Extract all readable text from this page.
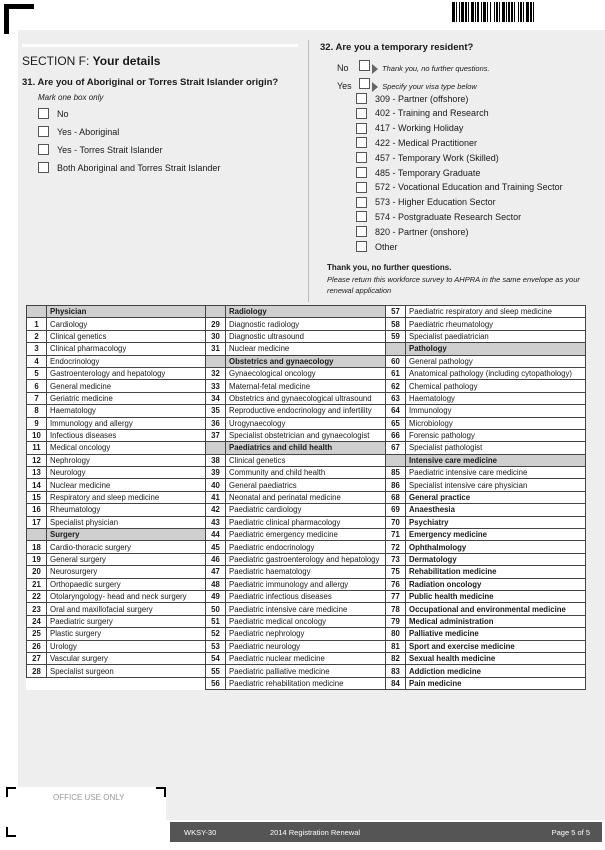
SECTION F: Your details
31. Are you of Aboriginal or Torres Strait Islander origin?
Mark one box only
No
Yes - Aboriginal
Yes - Torres Strait Islander
Both Aboriginal and Torres Strait Islander
32. Are you a temporary resident?
No	Thank you, no further questions.
Yes	Specify your visa type below
309 - Partner (offshore)
402 - Training and Research
417 - Working Holiday
422 - Medical Practitioner
457 - Temporary Work (Skilled)
485 - Temporary Graduate
572 - Vocational Education and Training Sector
573 - Higher Education Sector
574 - Postgraduate Research Sector
820 - Partner (onshore)
Other
Thank you, no further questions.
Please return this workforce survey to AHPRA in the same envelope as your renewal application
	Physician		Radiology	57	Paediatric respiratory and sleep medicine
1	Cardiology	29	Diagnostic radiology	58	Paediatric rheumatology
2	Clinical genetics	30	Diagnostic ultrasound	59	Specialist paediatrician
3	Clinical pharmacology	31	Nuclear medicine		Pathology
4	Endocrinology		Obstetrics and gynaecology	60	General pathology
5	Gastroenterology and hepatology	32	Gynaecological oncology	61	Anatomical pathology (including cytopathology)
6	General medicine	33	Maternal-fetal medicine	62	Chemical pathology
7	Geriatric medicine	34	Obstetrics and gynaecological ultrasound	63	Haematology
8	Haematology	35	Reproductive endocrinology and infertility	64	Immunology
9	Immunology and allergy	36	Urogynaecology	65	Microbiology
10	Infectious diseases	37	Specialist obstetrician and gynaecologist	66	Forensic pathology
11	Medical oncology		Paediatrics and child health	67	Specialist pathologist
12	Nephrology	38	Clinical genetics		Intensive care medicine
13	Neurology	39	Community and child health	85	Paediatric intensive care medicine
14	Nuclear medicine	40	General paediatrics	86	Specialist intensive care physician
15	Respiratory and sleep medicine	41	Neonatal and perinatal medicine	68	General practice
16	Rheumatology	42	Paediatric cardiology	69	Anaesthesia
17	Specialist physician	43	Paediatric clinical pharmacology	70	Psychiatry
	Surgery	44	Paediatric emergency medicine	71	Emergency medicine
18	Cardio-thoracic surgery	45	Paediatric endocrinology	72	Ophthalmology
19	General surgery	46	Paediatric gastroenterology and hepatology	73	Dermatology
20	Neurosurgery	47	Paediatric haematology	75	Rehabilitation medicine
21	Orthopaedic surgery	48	Paediatric immunology and allergy	76	Radiation oncology
22	Otolaryngology- head and neck surgery	49	Paediatric infectious diseases	77	Public health medicine
23	Oral and maxillofacial surgery	50	Paediatric intensive care medicine	78	Occupational and environmental medicine
24	Paediatric surgery	51	Paediatric medical oncology	79	Medical administration
25	Plastic surgery	52	Paediatric nephrology	80	Palliative medicine
26	Urology	53	Paediatric neurology	81	Sport and exercise medicine
27	Vascular surgery	54	Paediatric nuclear medicine	82	Sexual health medicine
28	Specialist surgeon	55	Paediatric palliative medicine	83	Addiction medicine
		56	Paediatric rehabilitation medicine	84	Pain medicine
OFFICE USE ONLY
WKSY-30	2014 Registration Renewal	Page 5 of 5
